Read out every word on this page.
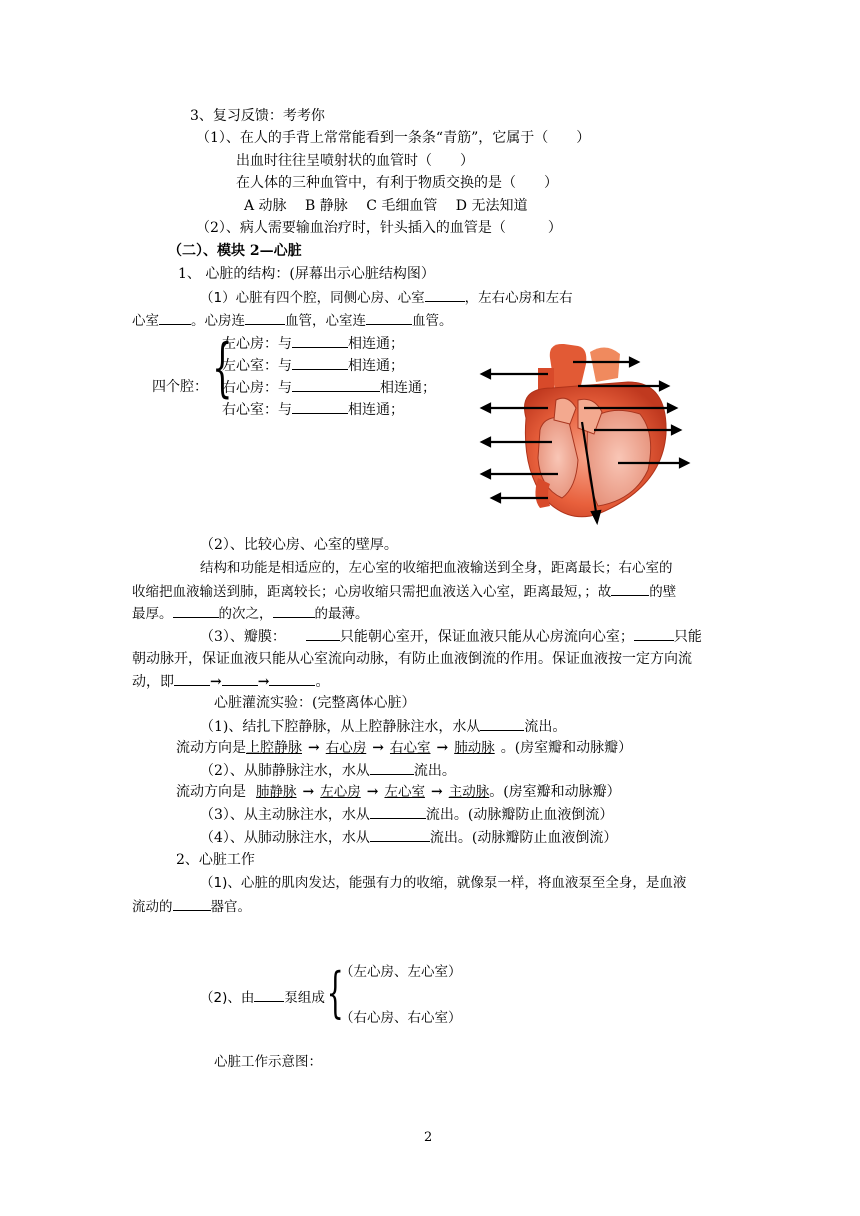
3、复习反馈：考考你
（1）、在人的手背上常常能看到一条条“青筋”，它属于（　　）
出血时往往呈喷射状的血管时（　　）
在人体的三种血管中，有利于物质交换的是（　　）
A 动脉　 B 静脉　 C 毛细血管　 D 无法知道
（2）、病人需要输血治疗时，针头插入的血管是（　　　）
（二）、模块 2—心脏
1、 心脏的结构：(屏幕出示心脏结构图）
（1）心脏有四个腔，同侧心房、心室	，左右心房和左右
心室 。心房连	血管，心室连	血管。
四个腔： {
左心房：与	相连通；
左心室：与	相连通；
右心房：与	相连通；
右心室：与	相连通；
（2）、比较心房、心室的壁厚。
结构和功能是相适应的，左心室的收缩把血液输送到全身，距离最长；右心室的
收缩把血液输送到肺，距离较长；心房收缩只需把血液送入心室，距离最短，；故	的壁
最厚。	的次之，	的最薄。
（3）、瓣膜：	只能朝心室开，保证血液只能从心房流向心室；	只能
朝动脉开，保证血液只能从心室流向动脉，有防止血液倒流的作用。保证血液按一定方向流
动，即	→	→	。
心脏灌流实验：(完整离体心脏）
（1)、结扎下腔静脉，从上腔静脉注水，水从	流出。
流动方向是上腔静脉 → 右心房 → 右心室 → 肺动脉 。(房室瓣和动脉瓣）
（2）、从肺静脉注水，水从	流出。
流动方向是 肺静脉 → 左心房 → 左心室 → 主动脉。(房室瓣和动脉瓣）
（3）、从主动脉注水，水从	流出。(动脉瓣防止血液倒流）
（4）、从肺动脉注水，水从	流出。(动脉瓣防止血液倒流）
2、心脏工作
（1)、心脏的肌肉发达，能强有力的收缩，就像泵一样，将血液泵至全身，是血液
流动的	器官。
（左心房、左心室）
（2)、由 泵组成 {
（右心房、右心室）
心脏工作示意图：
2
